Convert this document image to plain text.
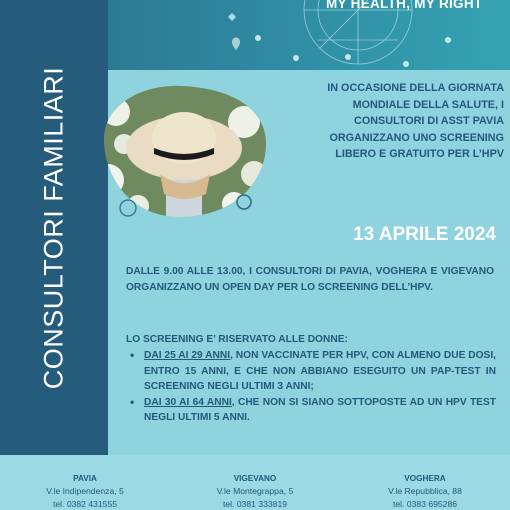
CONSULTORI FAMILIARI
MY HEALTH, MY RIGHT
IN OCCASIONE DELLA GIORNATA MONDIALE DELLA SALUTE, I CONSULTORI DI ASST PAVIA ORGANIZZANO UNO SCREENING LIBERO E GRATUITO PER L’HPV
13 APRILE 2024
DALLE 9.00 ALLE 13.00, I CONSULTORI DI PAVIA, VOGHERA E VIGEVANO ORGANIZZANO UN OPEN DAY PER LO SCREENING DELL’HPV.
LO SCREENING E’ RISERVATO ALLE DONNE:
• DAI 25 AI 29 ANNI, NON VACCINATE PER HPV, CON ALMENO DUE DOSI, ENTRO 15 ANNI, E CHE NON ABBIANO ESEGUITO UN PAP-TEST IN SCREENING NEGLI ULTIMI 3 ANNI;
• DAI 30 AI 64 ANNI, CHE NON SI SIANO SOTTOPOSTE AD UN HPV TEST NEGLI ULTIMI 5 ANNI.
PAVIA
V.le Indipendenza, 5
tel. 0382 431555
VIGEVANO
V.le Montegrappa, 5
tel. 0381 333819
VOGHERA
V.le Repubblica, 88
tel. 0383 695286
